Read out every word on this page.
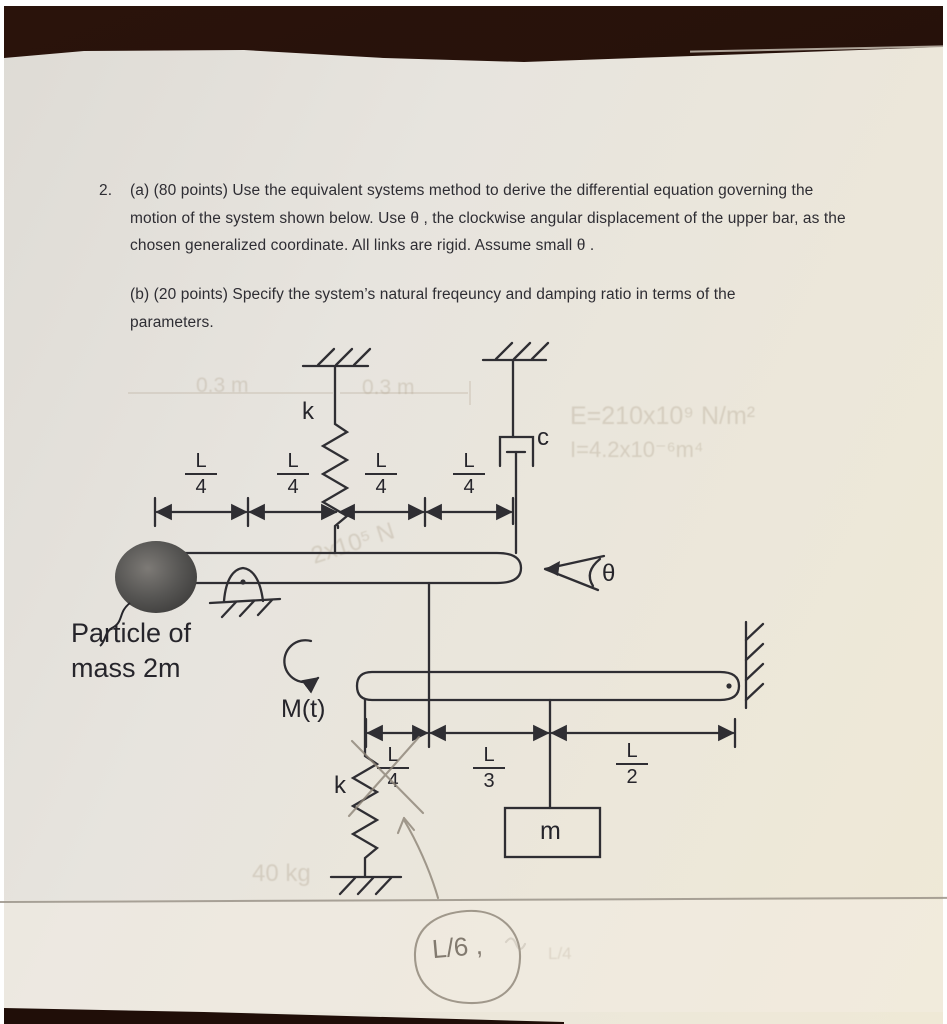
0.3 m	0.3 m
E=210x10⁹ N/m²
I=4.2x10⁻⁶m⁴
2x10⁵ N
40 kg
L/4
2. (a) (80 points) Use the equivalent systems method to derive the differential equation governing the motion of the system shown below. Use θ , the clockwise angular displacement of the upper bar, as the chosen generalized coordinate. All links are rigid. Assume small θ .
(b) (20 points) Specify the system’s natural freqeuncy and damping ratio in terms of the parameters.
$\frac{L}{4}$	$\frac{L}{4}$	$\frac{L}{4}$	$\frac{L}{4}$
$\frac{L}{4}$	$\frac{L}{3}$	$\frac{L}{2}$
k
c
θ
M(t)
k
m
Particle of
mass 2m
L/6 ,
